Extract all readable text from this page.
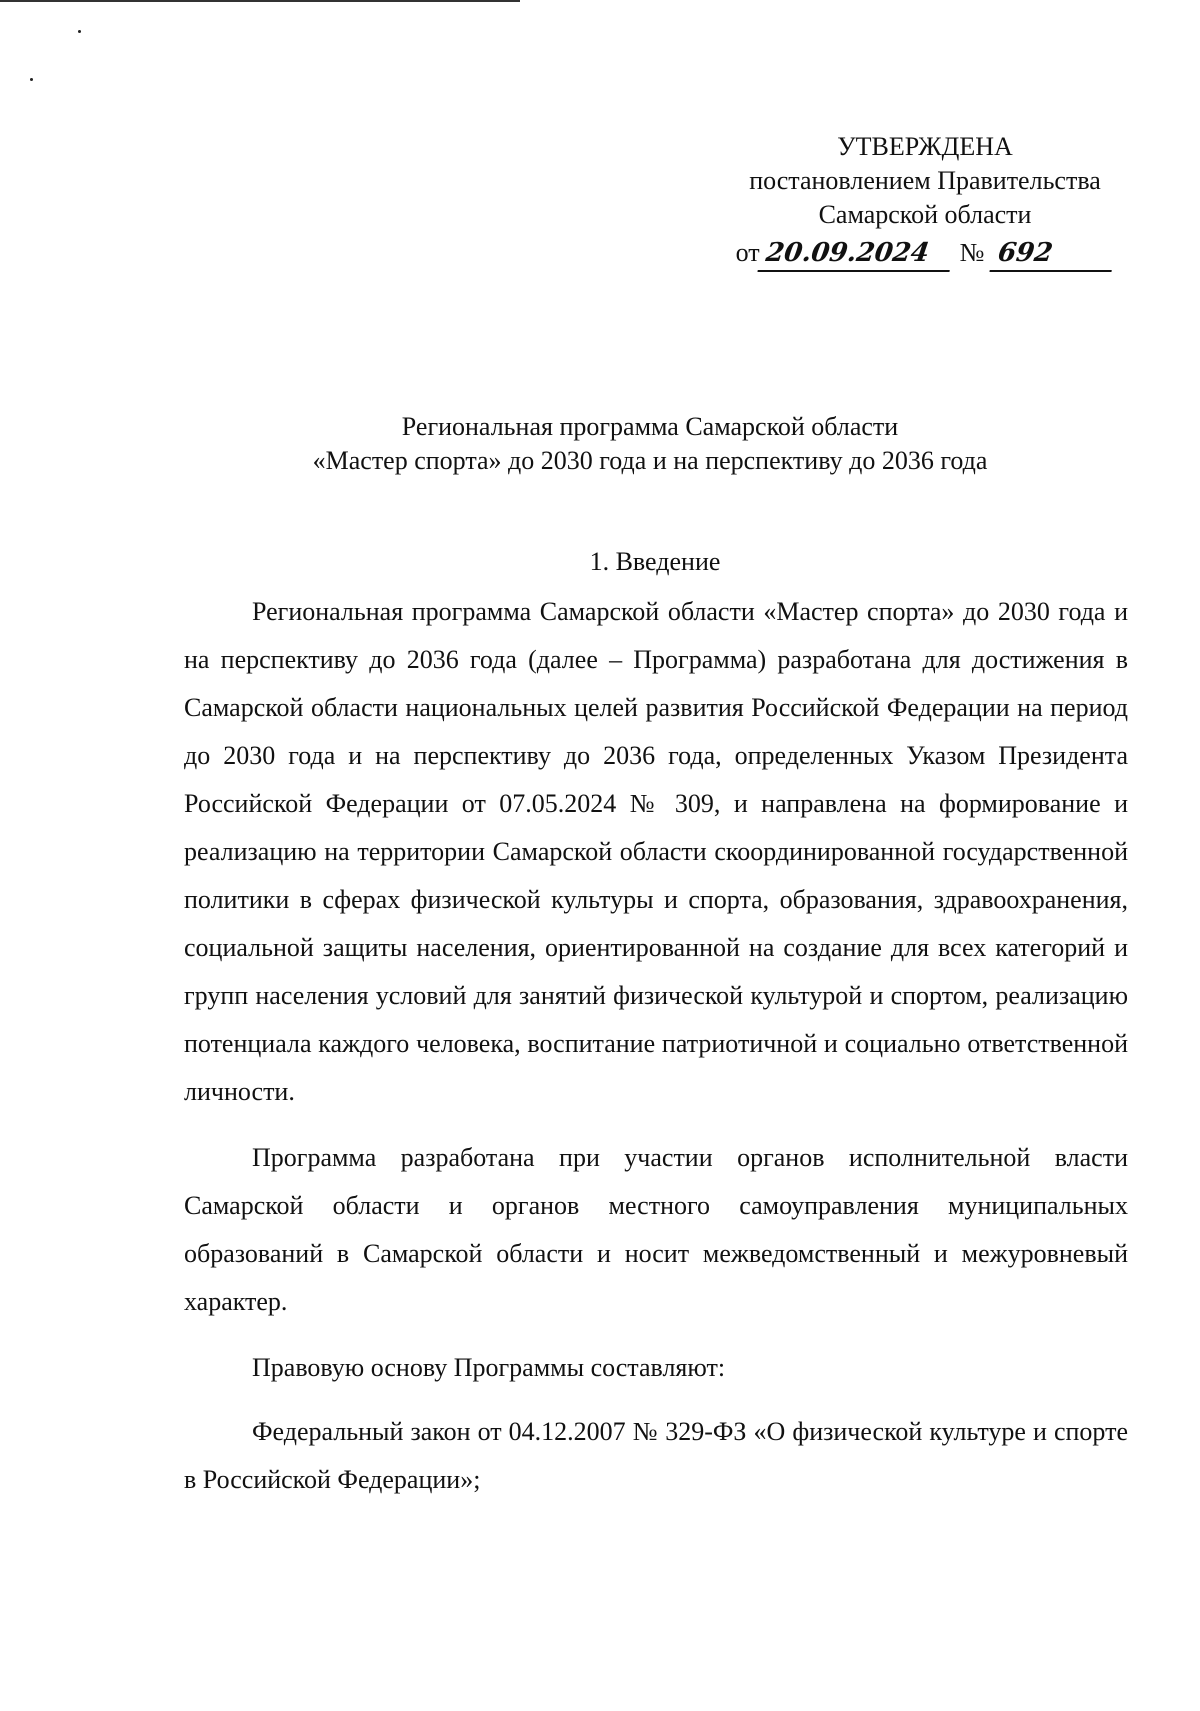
УТВЕРЖДЕНА
постановлением Правительства
Самарской области
от 20.09.2024	№ 692
Региональная программа Самарской области
«Мастер спорта» до 2030 года и на перспективу до 2036 года
1. Введение

Региональная программа Самарской области «Мастер спорта» до 2030 года и на перспективу до 2036 года (далее – Программа) разработана для достижения в Самарской области национальных целей развития Российской Федерации на период до 2030 года и на перспективу до 2036 года, определенных Указом Президента Российской Федерации от 07.05.2024 № 309, и направлена на формирование и реализацию на территории Самарской области скоординированной государственной политики в сферах физической культуры и спорта, образования, здравоохранения, социальной защиты населения, ориентированной на создание для всех категорий и групп населения условий для занятий физической культурой и спортом, реализацию потенциала каждого человека, воспитание патриотичной и социально ответственной личности.

Программа разработана при участии органов исполнительной власти Самарской области и органов местного самоуправления муниципальных образований в Самарской области и носит межведомственный и межуровневый характер.

Правовую основу Программы составляют:

Федеральный закон от 04.12.2007 № 329-ФЗ «О физической культуре и спорте в Российской Федерации»;
